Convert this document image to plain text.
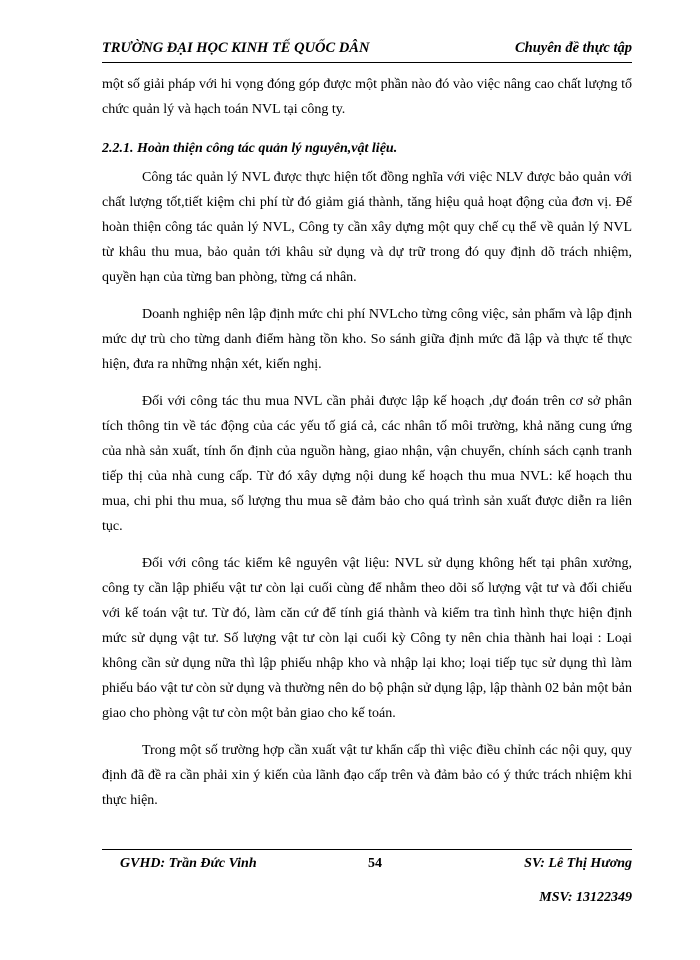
TRƯỜNG ĐẠI HỌC KINH TẾ QUỐC DÂN	Chuyên đề thực tập

một số giải pháp với hi vọng đóng góp được một phần nào đó vào việc nâng cao chất lượng tổ chức quản lý và hạch toán NVL tại công ty.

2.2.1. Hoàn thiện công tác quản lý nguyên,vật liệu.

Công tác quản lý NVL được thực hiện tốt đồng nghĩa với việc NLV được bảo quản với chất lượng tốt,tiết kiệm chi phí từ đó giảm giá thành, tăng hiệu quả hoạt động của đơn vị. Để hoàn thiện công tác quản lý NVL, Công ty cần xây dựng một quy chế cụ thể về quản lý NVL từ khâu thu mua, bảo quản tới khâu sử dụng và dự trữ trong đó quy định dõ trách nhiệm, quyền hạn của từng ban phòng, từng cá nhân.

Doanh nghiệp nên lập định mức chi phí NVLcho từng công việc, sản phẩm và lập định mức dự trù cho từng danh điểm hàng tồn kho. So sánh giữa định mức đã lập và thực tế thực hiện, đưa ra những nhận xét, kiến nghị.

Đối với công tác thu mua NVL cần phải được lập kế hoạch ,dự đoán trên cơ sở phân tích thông tin về tác động của các yếu tố giá cả, các nhân tố môi trường, khả năng cung ứng của nhà sản xuất, tính ổn định của nguồn hàng, giao nhận, vận chuyển, chính sách cạnh tranh tiếp thị của nhà cung cấp. Từ đó xây dựng nội dung kế hoạch thu mua NVL: kế hoạch thu mua, chi phi thu mua, số lượng thu mua sẽ đảm bảo cho quá trình sản xuất được diễn ra liên tục.

Đối với công tác kiểm kê nguyên vật liệu: NVL sử dụng không hết tại phân xưởng, công ty cần lập phiếu vật tư còn lại cuối cùng để nhằm theo dõi số lượng vật tư và đối chiếu với kế toán vật tư. Từ đó, làm căn cứ để tính giá thành và kiểm tra tình hình thực hiện định mức sử dụng vật tư. Số lượng vật tư còn lại cuối kỳ Công ty nên chia thành hai loại : Loại không cần sử dụng nữa thì lập phiếu nhập kho và nhập lại kho; loại tiếp tục sử dụng thì làm phiếu báo vật tư còn sử dụng và thường nên do bộ phận sử dụng lập, lập thành 02 bản một bản giao cho phòng vật tư còn một bản giao cho kế toán.

Trong một số trường hợp cần xuất vật tư khẩn cấp thì việc điều chỉnh các nội quy, quy định đã đề ra cần phải xin ý kiến của lãnh đạo cấp trên và đảm bảo có ý thức trách nhiệm khi thực hiện.

GVHD: Trần Đức Vinh	54	SV: Lê Thị Hương
MSV: 13122349
